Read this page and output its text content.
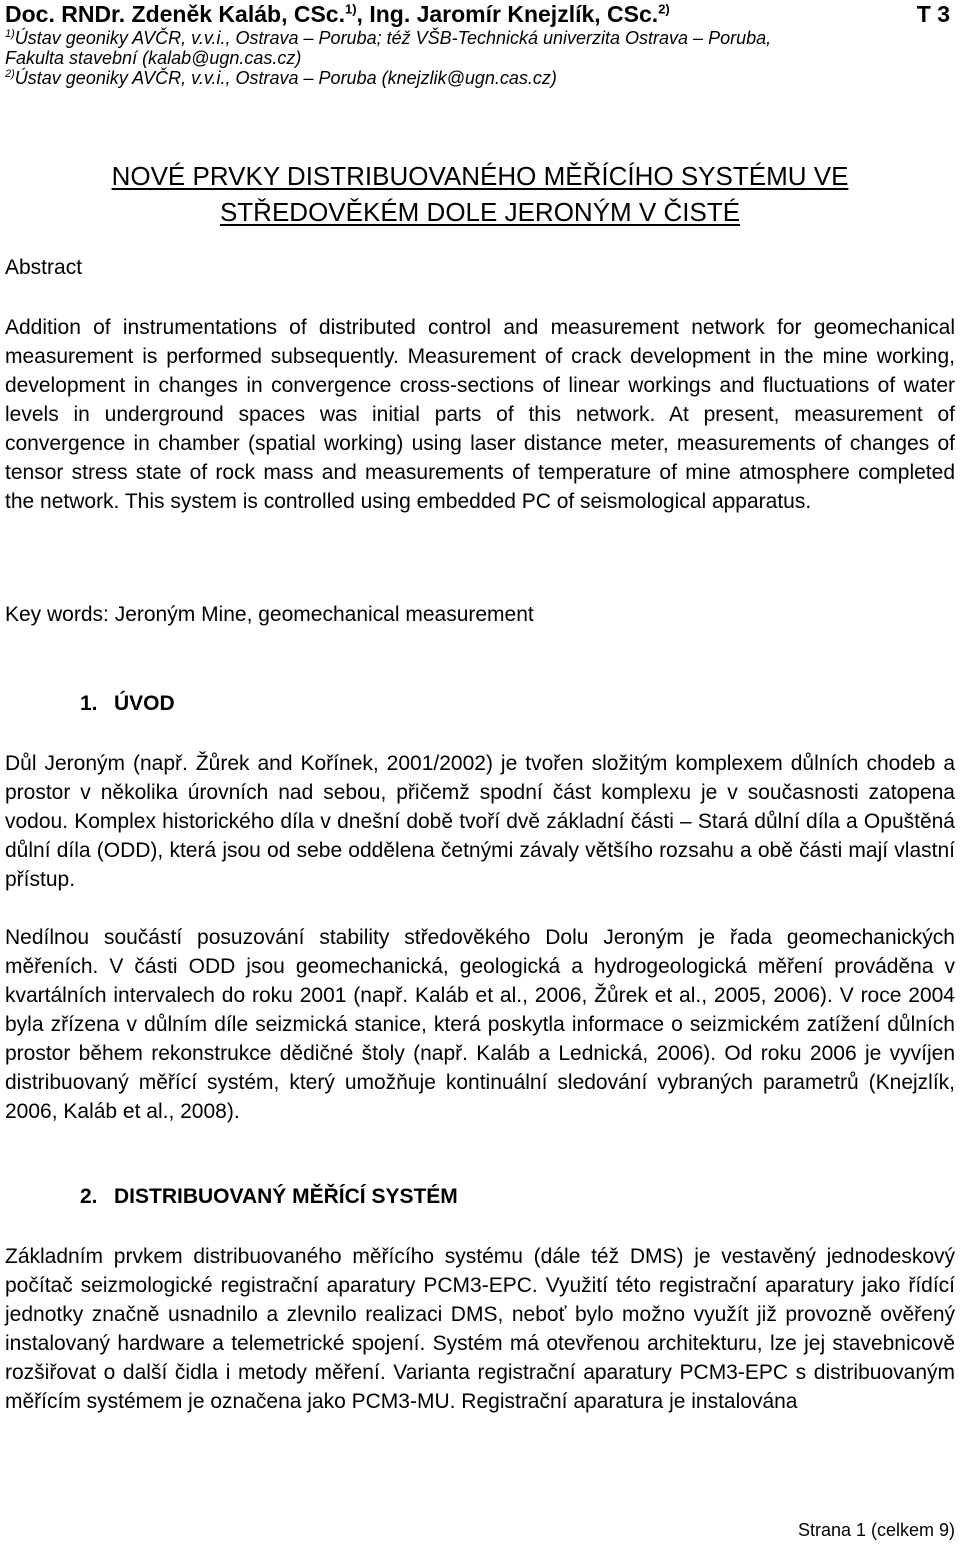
Doc. RNDr. Zdeněk Kaláb, CSc.$^{1)}$, Ing. Jaromír Knejzlík, CSc.$^{2)}$	T 3
$^{1)}$Ústav geoniky AVČR, v.v.i., Ostrava – Poruba; též VŠB-Technická univerzita Ostrava – Poruba,
Fakulta stavební (kalab@ugn.cas.cz)
$^{2)}$Ústav geoniky AVČR, v.v.i., Ostrava – Poruba (knejzlik@ugn.cas.cz)
NOVÉ PRVKY DISTRIBUOVANÉHO MĚŘÍCÍHO SYSTÉMU VE
STŘEDOVĚKÉM DOLE JERONÝM V ČISTÉ
Abstract
Addition of instrumentations of distributed control and measurement network for geomechanical measurement is performed subsequently. Measurement of crack development in the mine working, development in changes in convergence cross-sections of linear workings and fluctuations of water levels in underground spaces was initial parts of this network. At present, measurement of convergence in chamber (spatial working) using laser distance meter, measurements of changes of tensor stress state of rock mass and measurements of temperature of mine atmosphere completed the network. This system is controlled using embedded PC of seismological apparatus.
Key words: Jeroným Mine, geomechanical measurement
1. ÚVOD
Důl Jeroným (např. Žůrek and Kořínek, 2001/2002) je tvořen složitým komplexem důlních chodeb a prostor v několika úrovních nad sebou, přičemž spodní část komplexu je v současnosti zatopena vodou. Komplex historického díla v dnešní době tvoří dvě základní části – Stará důlní díla a Opuštěná důlní díla (ODD), která jsou od sebe oddělena četnými závaly většího rozsahu a obě části mají vlastní přístup.
Nedílnou součástí posuzování stability středověkého Dolu Jeroným je řada geomechanických měřeních. V části ODD jsou geomechanická, geologická a hydrogeologická měření prováděna v kvartálních intervalech do roku 2001 (např. Kaláb et al., 2006, Žůrek et al., 2005, 2006). V roce 2004 byla zřízena v důlním díle seizmická stanice, která poskytla informace o seizmickém zatížení důlních prostor během rekonstrukce dědičné štoly (např. Kaláb a Lednická, 2006). Od roku 2006 je vyvíjen distribuovaný měřící systém, který umožňuje kontinuální sledování vybraných parametrů (Knejzlík, 2006, Kaláb et al., 2008).
2. DISTRIBUOVANÝ MĚŘÍCÍ SYSTÉM
Základním prvkem distribuovaného měřícího systému (dále též DMS) je vestavěný jednodeskový počítač seizmologické registrační aparatury PCM3-EPC. Využití této registrační aparatury jako řídící jednotky značně usnadnilo a zlevnilo realizaci DMS, neboť bylo možno využít již provozně ověřený instalovaný hardware a telemetrické spojení. Systém má otevřenou architekturu, lze jej stavebnicově rozšiřovat o další čidla i metody měření. Varianta registrační aparatury PCM3-EPC s distribuovaným měřícím systémem je označena jako PCM3-MU. Registrační aparatura je instalována
Strana 1 (celkem 9)
